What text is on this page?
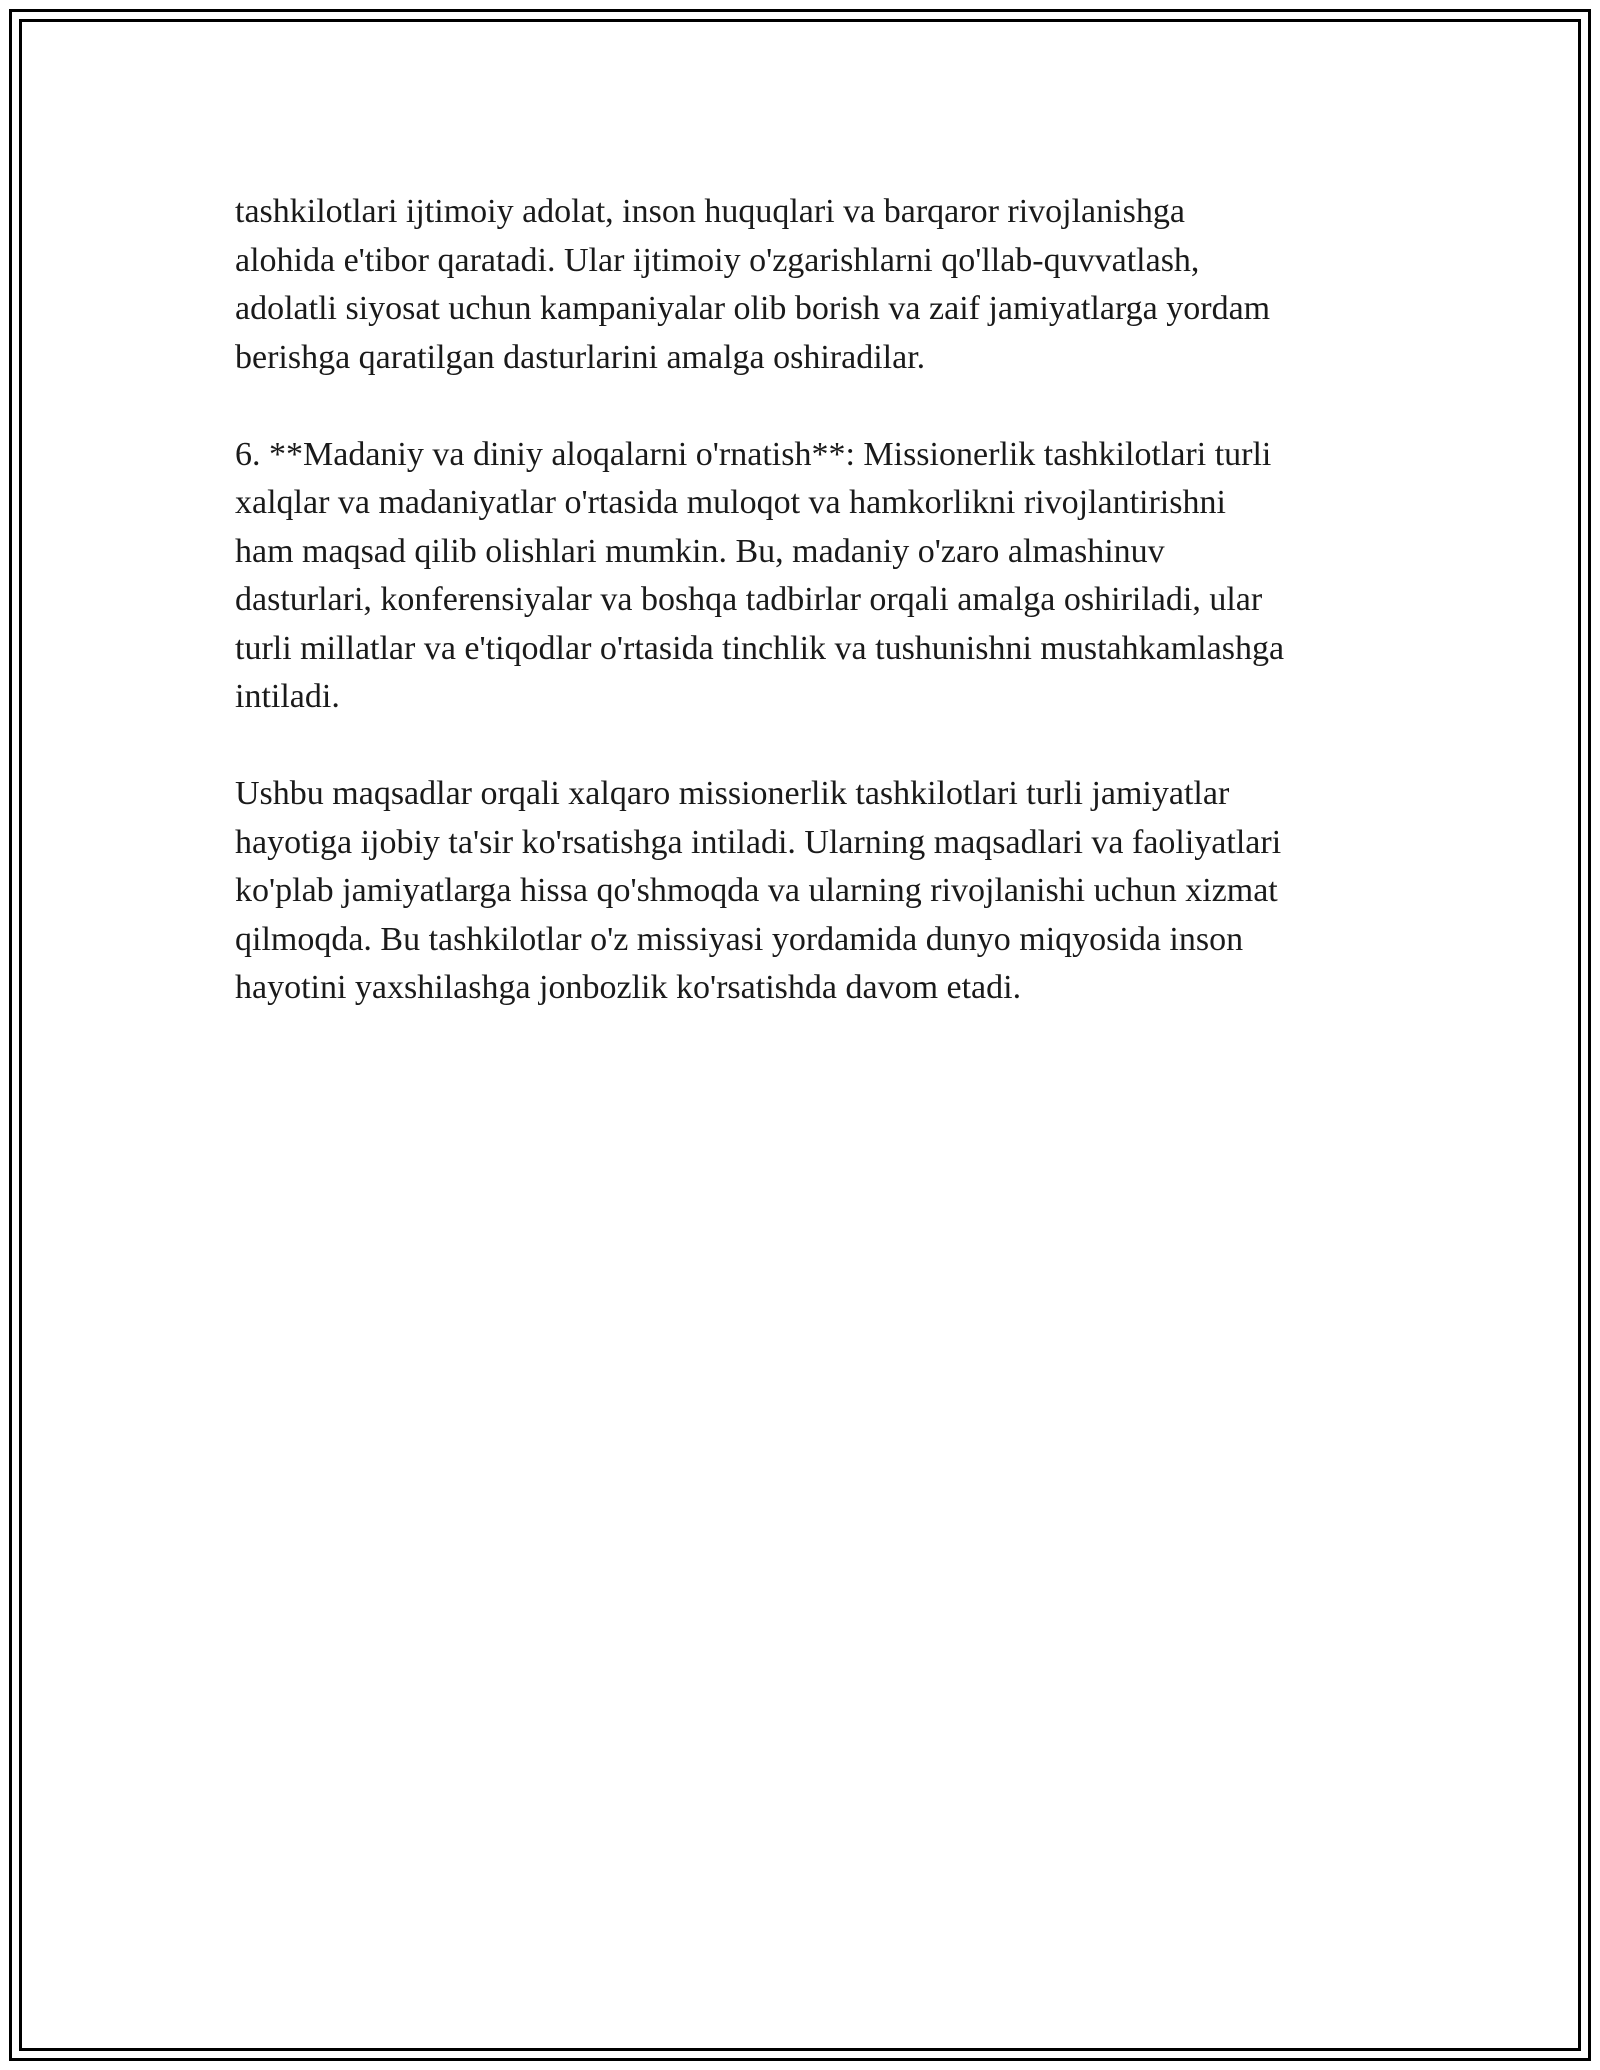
tashkilotlari ijtimoiy adolat, inson huquqlari va barqaror rivojlanishga
alohida e'tibor qaratadi. Ular ijtimoiy o'zgarishlarni qo'llab-quvvatlash,
adolatli siyosat uchun kampaniyalar olib borish va zaif jamiyatlarga yordam
berishga qaratilgan dasturlarini amalga oshiradilar.

6. **Madaniy va diniy aloqalarni o'rnatish**: Missionerlik tashkilotlari turli
xalqlar va madaniyatlar o'rtasida muloqot va hamkorlikni rivojlantirishni
ham maqsad qilib olishlari mumkin. Bu, madaniy o'zaro almashinuv
dasturlari, konferensiyalar va boshqa tadbirlar orqali amalga oshiriladi, ular
turli millatlar va e'tiqodlar o'rtasida tinchlik va tushunishni mustahkamlashga
intiladi.

Ushbu maqsadlar orqali xalqaro missionerlik tashkilotlari turli jamiyatlar
hayotiga ijobiy ta'sir ko'rsatishga intiladi. Ularning maqsadlari va faoliyatlari
ko'plab jamiyatlarga hissa qo'shmoqda va ularning rivojlanishi uchun xizmat
qilmoqda. Bu tashkilotlar o'z missiyasi yordamida dunyo miqyosida inson
hayotini yaxshilashga jonbozlik ko'rsatishda davom etadi.
